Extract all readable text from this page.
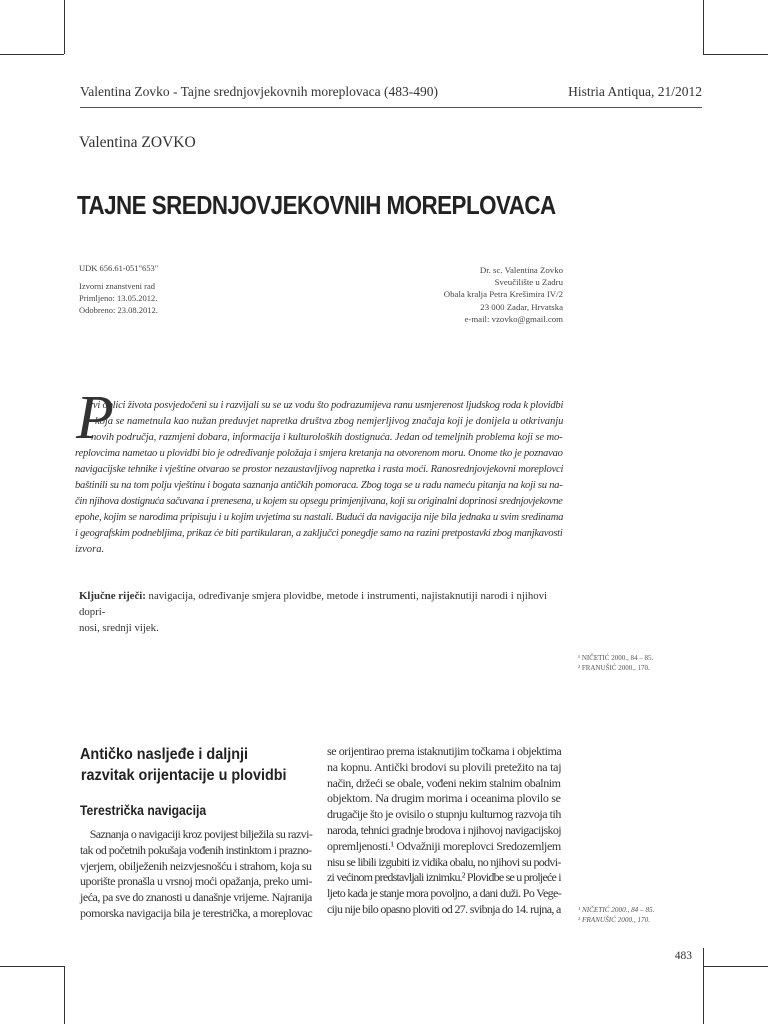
Valentina Zovko - Tajne srednjovjekovnih moreplovaca (483-490)	Histria Antiqua, 21/2012
Valentina ZOVKO
TAJNE SREDNJOVJEKOVNIH MOREPLOVACA
UDK 656.61-051"653"
Izvorni znanstveni rad
Primljeno: 13.05.2012.
Odobreno: 23.08.2012.
Dr. sc. Valentina Zovko
Sveučilište u Zadru
Obala kralja Petra Krešimira IV/2
23 000 Zadar, Hrvatska
e-mail: vzovko@gmail.com
P
rvi oblici života posvjedočeni su i razvijali su se uz vodu što podrazumijeva ranu usmjerenost ljudskog roda k plovidbi
koja se nametnula kao nužan preduvjet napretka društva zbog nemjerljivog značaja koji je donijela u otkrivanju
novih područja, razmjeni dobara, informacija i kulturoloških dostignuća. Jedan od temeljnih problema koji se mo-
replovcima nametao u plovidbi bio je određivanje položaja i smjera kretanja na otvorenom moru. Onome tko je poznavao
navigacijske tehnike i vještine otvarao se prostor nezaustavljivog napretka i rasta moći. Ranosrednjovjekovni moreplovci
baštinili su na tom polju vještinu i bogata saznanja antičkih pomoraca. Zbog toga se u radu nameću pitanja na koji su na-
čin njihova dostignuća sačuvana i prenesena, u kojem su opsegu primjenjivana, koji su originalni doprinosi srednjovjekovne
epohe, kojim se narodima pripisuju i u kojim uvjetima su nastali. Budući da navigacija nije bila jednaka u svim sredinama
i geografskim podnebljima, prikaz će biti partikularan, a zaključci ponegdje samo na razini pretpostavki zbog manjkavosti
izvora.
Ključne riječi: navigacija, određivanje smjera plovidbe, metode i instrumenti, najistaknutiji narodi i njihovi dopri-
nosi, srednji vijek.
¹ NIČETIĆ 2000., 84 – 85.
² FRANUŠIĆ 2000., 170.
Antičko nasljeđe i daljnji
razvitak orijentacije u plovidbi
Terestrička navigacija
Saznanja o navigaciji kroz povijest bilježila su razvi-
tak od početnih pokušaja vođenih instinktom i prazno-
vjerjem, obilježenih neizvjesnošću i strahom, koja su
uporište pronašla u vrsnoj moći opažanja, preko umi-
jeća, pa sve do znanosti u današnje vrijeme. Najranija
pomorska navigacija bila je terestrička, a moreplovac
se orijentirao prema istaknutijim točkama i objektima
na kopnu. Antički brodovi su plovili pretežito na taj
način, držeći se obale, vođeni nekim stalnim obalnim
objektom. Na drugim morima i oceanima plovilo se
drugačije što je ovisilo o stupnju kulturnog razvoja tih
naroda, tehnici gradnje brodova i njihovoj navigacijskoj
opremljenosti.¹ Odvažniji moreplovci Sredozemljem
nisu se libili izgubiti iz vidika obalu, no njihovi su podvi-
zi većinom predstavljali iznimku.² Plovidbe se u proljeće i
ljeto kada je stanje mora povoljno, a dani duži. Po Vege-
ciju nije bilo opasno ploviti od 27. svibnja do 14. rujna, a ¹ NIČETIĆ 2000., 84 – 85.
² FRANUŠIĆ 2000., 170.
483
